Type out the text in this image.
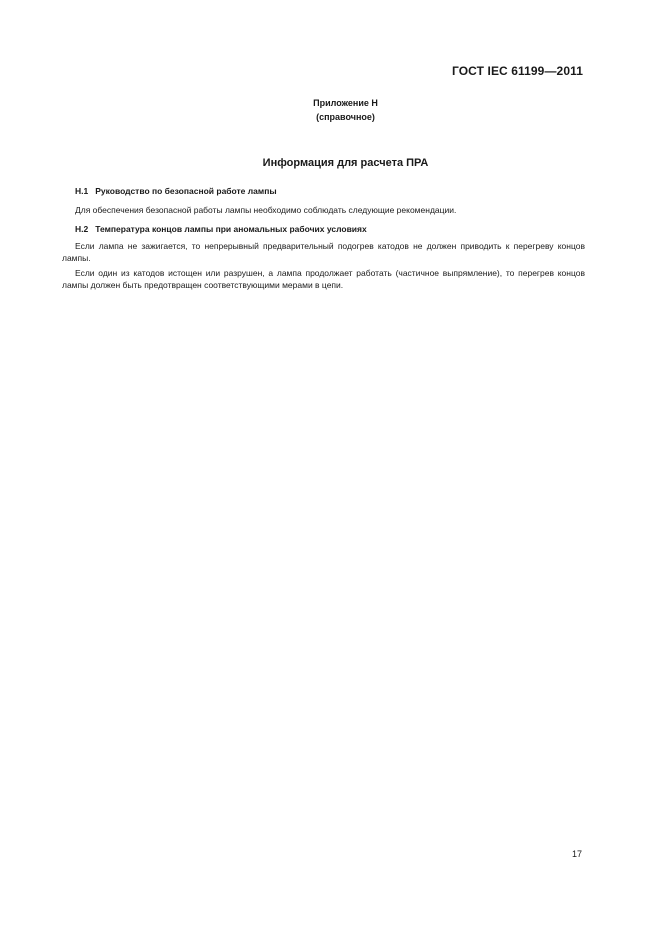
ГОСТ IEC 61199—2011
Приложение Н
(справочное)
Информация для расчета ПРА
Н.1 Руководство по безопасной работе лампы
Для обеспечения безопасной работы лампы необходимо соблюдать следующие рекомендации.
Н.2 Температура концов лампы при аномальных рабочих условиях
Если лампа не зажигается, то непрерывный предварительный подогрев катодов не должен приводить к перегреву концов лампы.
Если один из катодов истощен или разрушен, а лампа продолжает работать (частичное выпрямление), то перегрев концов лампы должен быть предотвращен соответствующими мерами в цепи.
17
